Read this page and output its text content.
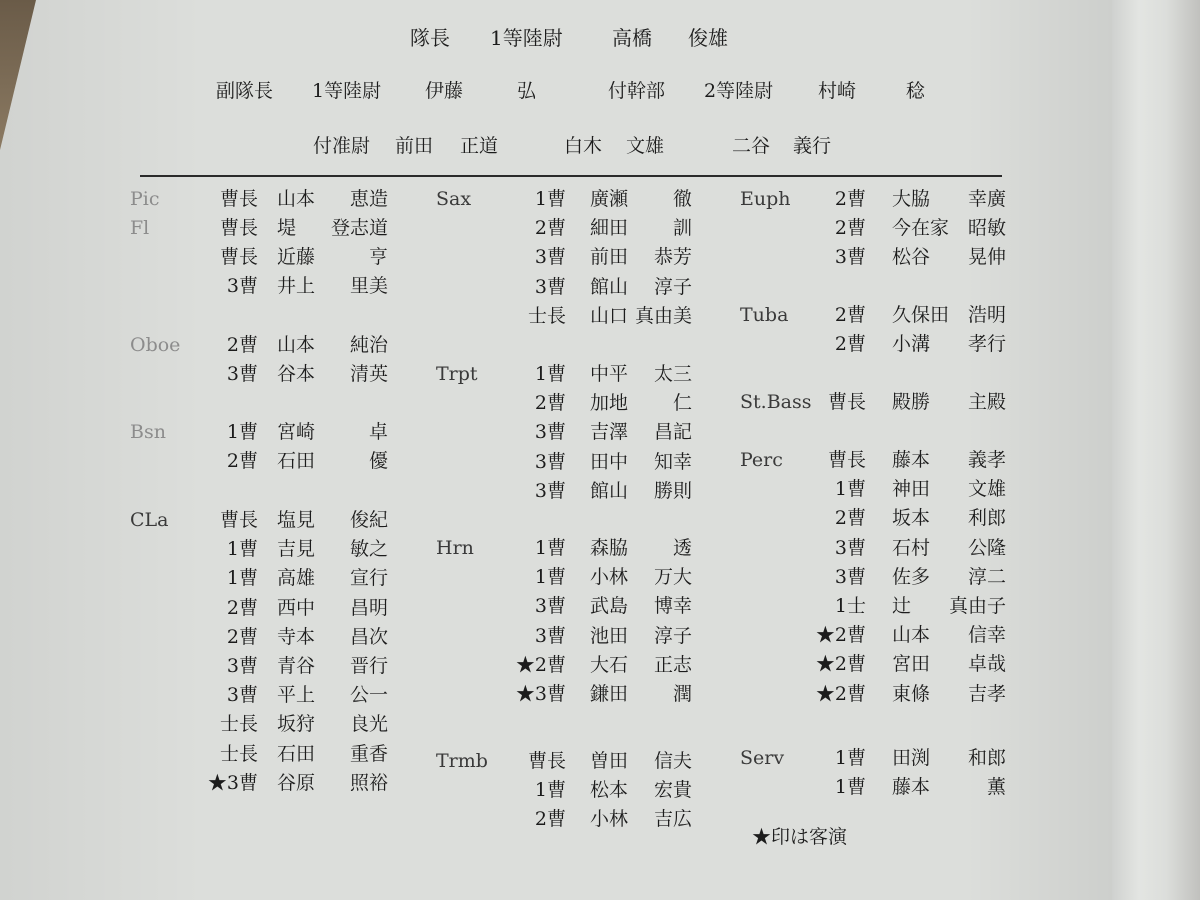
隊長 1等陸尉 高橋 俊雄
副隊長 1等陸尉 伊藤	弘	付幹部 2等陸尉 村崎	稔
付准尉 前田 正道	白木 文雄	二谷 義行
Pic	曹長 山本 恵造
Fl	曹長 堤 登志道
曹長 近藤	亨
3曹 井上 里美
Oboe 2曹 山本 純治
3曹 谷本 清英
Bsn	1曹 宮崎	卓
2曹 石田	優
CLa	曹長 塩見 俊紀
1曹 吉見 敏之
1曹 高雄 宣行
2曹 西中 昌明
2曹 寺本 昌次
3曹 青谷 晋行
3曹 平上 公一
士長 坂狩 良光
士長 石田 重香
★3曹 谷原 照裕
Sax	1曹 廣瀬 徹
2曹 細田 訓
3曹 前田 恭芳
3曹 館山 淳子
士長 山口 真由美
Trpt	1曹 中平 太三
2曹 加地 仁
3曹 吉澤 昌記
3曹 田中 知幸
3曹 館山 勝則
Hrn	1曹 森脇 透
1曹 小林 万大
3曹 武島 博幸
3曹 池田 淳子
★2曹 大石 正志
★3曹 鎌田 潤
Trmb 曹長 曽田 信夫
1曹 松本 宏貴
2曹 小林 吉広
Euph 2曹 大脇 幸廣
2曹 今在家 昭敏
3曹 松谷 晃伸
Tuba 2曹 久保田 浩明
2曹 小溝 孝行
St.Bass 曹長 殿勝 主殿
Perc 曹長 藤本 義孝
1曹 神田 文雄
2曹 坂本 利郎
3曹 石村 公隆
3曹 佐多 淳二
1士 辻 真由子
★2曹 山本 信幸
★2曹 宮田 卓哉
★2曹 東條 吉孝
Serv	1曹 田渕 和郎
1曹 藤本	薫
★印は客演
